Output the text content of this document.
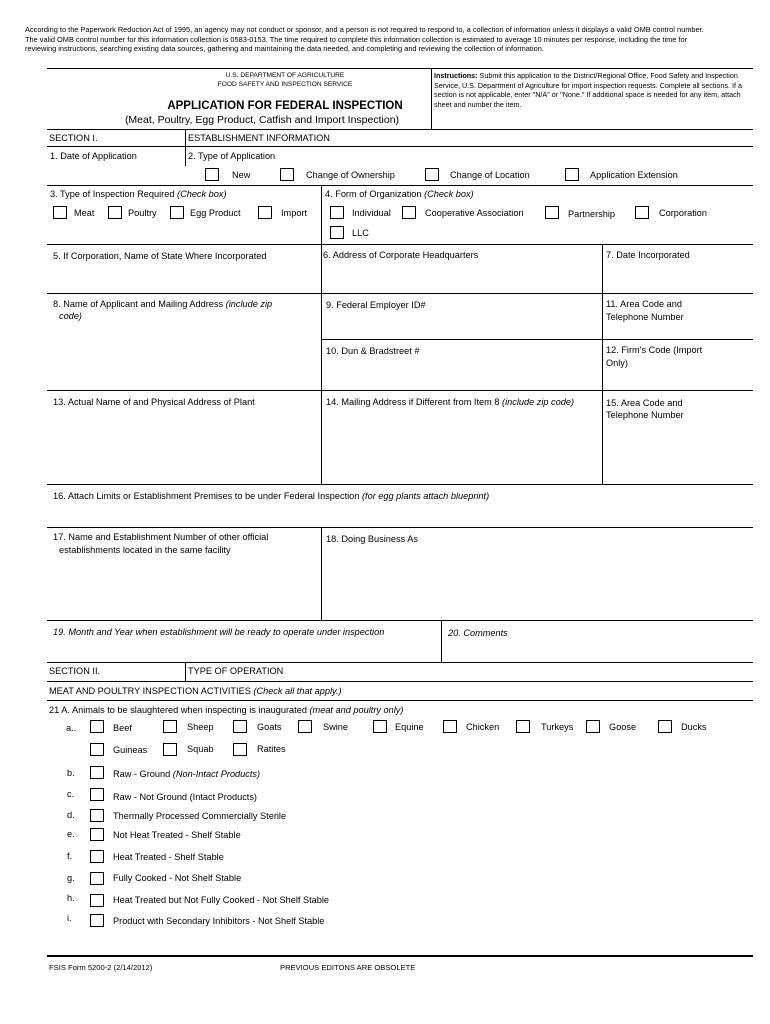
According to the Paperwork Reduction Act of 1995, an agency may not conduct or sponsor, and a person is not required to respond to, a collection of information unless it displays a valid OMB control number. The valid OMB control number for this information collection is 0583-0153. The time required to complete this information collection is estimated to average 10 minutes per response, including the time for reviewing instructions, searching existing data sources, gathering and maintaining the data needed, and completing and reviewing the collection of information.
U.S. DEPARTMENT OF AGRICULTURE
FOOD SAFETY AND INSPECTION SERVICE
APPLICATION FOR FEDERAL INSPECTION
(Meat, Poultry, Egg Product, Catfish and Import Inspection)
Instructions: Submit this application to the District/Regional Office, Food Safety and Inspection Service, U.S. Department of Agriculture for import inspection requests. Complete all sections. If a section is not applicable, enter "N/A" or "None." If additional space is needed for any item, attach sheet and number the item.
SECTION I.	ESTABLISHMENT INFORMATION
1. Date of Application	2. Type of Application
New	Change of Ownership	Change of Location	Application Extension
3. Type of Inspection Required (Check box)	4. Form of Organization (Check box)
Meat	Poultry	Egg Product	Import	Individual	Cooperative Association	Partnership	Corporation
LLC
5. If Corporation, Name of State Where Incorporated	6. Address of Corporate Headquarters	7. Date Incorporated
8. Name of Applicant and Mailing Address (include zip
code)
9. Federal Employer ID#	11. Area Code and
Telephone Number
10. Dun & Bradstreet #	12. Firm's Code (Import
Only)
13. Actual Name of and Physical Address of Plant	14. Mailing Address if Different from Item 8 (include zip code)	15. Area Code and
Telephone Number
16. Attach Limits or Establishment Premises to be under Federal Inspection (for egg plants attach blueprint)
17. Name and Establishment Number of other official
establishments located in the same facility
18. Doing Business As
19. Month and Year when establishment will be ready to operate under inspection	20. Comments
SECTION II.	TYPE OF OPERATION
MEAT AND POULTRY INSPECTION ACTIVITIES (Check all that apply.)
21 A. Animals to be slaughtered when inspecting is inaugurated (meat and poultry only)
a..	Beef	Sheep	Goats	Swine	Equine	Chicken	Turkeys	Goose	Ducks
Guineas	Squab	Ratites
b.	Raw - Ground (Non-Intact Products)
c.	Raw - Not Ground (Intact Products)
d.	Thermally Processed Commercially Sterile
e.	Not Heat Treated - Shelf Stable
f.	Heat Treated - Shelf Stable
g.	Fully Cooked - Not Shelf Stable
h.	Heat Treated but Not Fully Cooked - Not Shelf Stable
i.	Product with Secondary Inhibitors - Not Shelf Stable
FSIS Form 5200-2 (2/14/2012)	PREVIOUS EDITONS ARE OBSOLETE
